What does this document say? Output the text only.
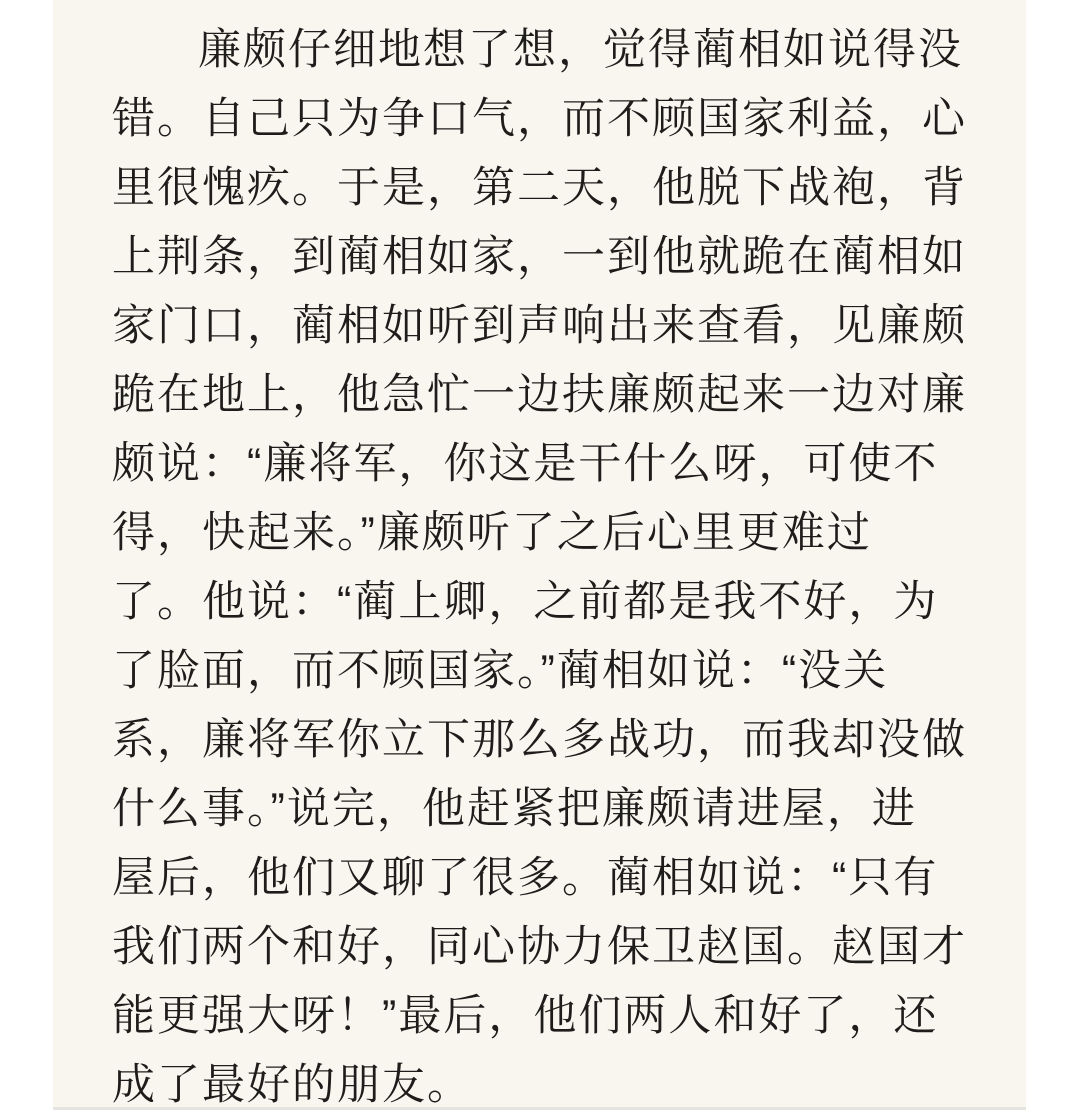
廉颇仔细地想了想，觉得蔺相如说得没
错。自己只为争口气，而不顾国家利益，心
里很愧疚。于是，第二天，他脱下战袍，背
上荆条，到蔺相如家，一到他就跪在蔺相如
家门口，蔺相如听到声响出来查看，见廉颇
跪在地上，他急忙一边扶廉颇起来一边对廉
颇说：“廉将军，你这是干什么呀，可使不
得，快起来。”廉颇听了之后心里更难过
了。他说：“蔺上卿，之前都是我不好，为
了脸面，而不顾国家。”蔺相如说：“没关
系，廉将军你立下那么多战功，而我却没做
什么事。”说完，他赶紧把廉颇请进屋，进
屋后，他们又聊了很多。蔺相如说：“只有
我们两个和好，同心协力保卫赵国。赵国才
能更强大呀！”最后，他们两人和好了，还
成了最好的朋友。
